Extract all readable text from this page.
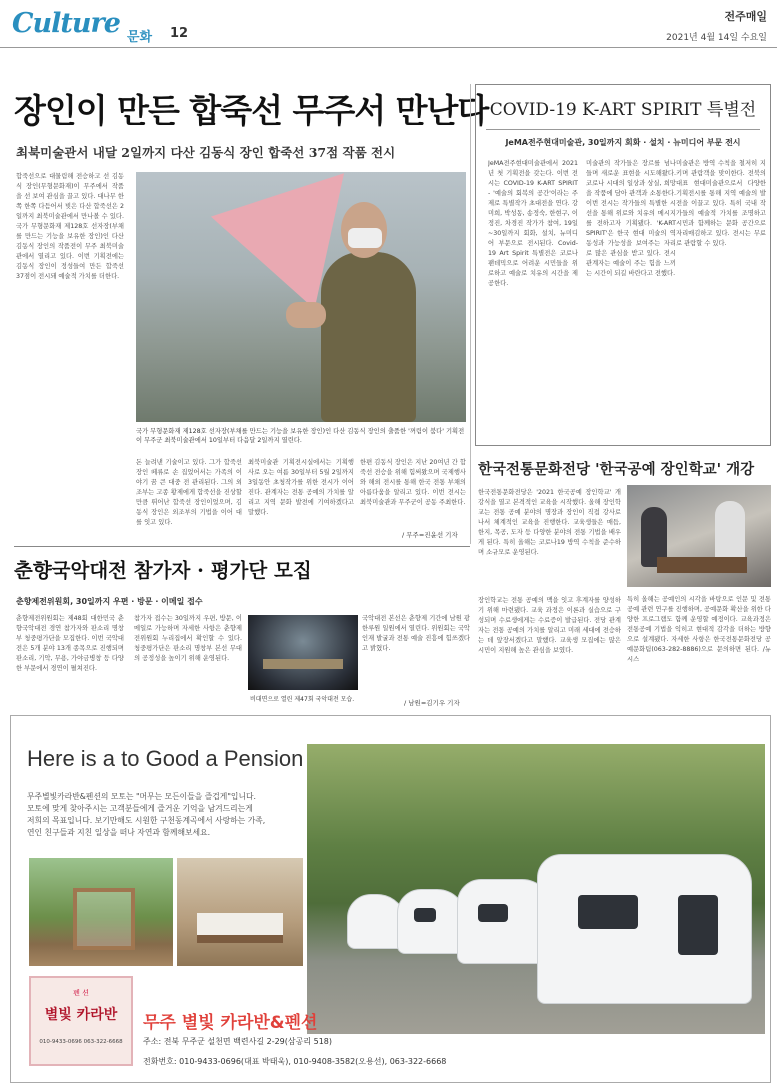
Culture 문화 12
전주매일
2021년 4월 14일 수요일
장인이 만든 합죽선 무주서 만난다
최북미술관서 내달 2일까지 다산 김동식 장인 합죽선 37점 작품 전시
합죽선으로 대물림해 전승하고 선 김동식 장인(무형문화재)이 무주에서 작품을 선 보여 관심을 끌고 있다. 대나무 한쪽 한쪽 다듬어서 빚은 다산 합죽선은 2일까지 최북미술관에서 만나볼 수 있다. 국가 무형문화재 제128호 선자장(부채를 만드는 기능을 보유한 장인)인 다산 김동식 장인의 작품전이 무주 최북미술관에서 열리고 있다. 이번 기획전에는 김동식 장인이 정성들여 만든 합죽선 37점이 전시돼 예술적 가치를 더한다.
국가 무형문화재 제128호 선자장(부채를 만드는 기능을 보유한 장인)인 다산 김동식 장인의 출품한 '꺼림이 붐다' 기획전이 무주군 최북미술관에서 10일부터 다음달 2일까지 열린다.
돈 늘려낸 기술이고 있다. 그가 합죽선 장인 떼류로 손 집었어서는 가족의 이야기 꿈 큰 대중 전 관리된다. 그의 외조부는 고종 황제에게 합죽선을 진상할 만큼 뛰어난 합죽선 장인이었으며, 김동식 장인은 외조부의 기법을 이어 대를 잇고 있다.
최북미술관 기획전시실에서는 기획행사로 오는 여름 30일부터 5월 2일까지 3일동안 초청작가를 위한 전시가 이어진다. 관계자는 전통 공예의 가치를 알리고 지역 문화 발전에 기여하겠다고 말했다.
한편 김동식 장인은 지난 20여년 간 합죽선 전승을 위해 힘써왔으며 국제행사와 해외 전시를 통해 한국 전통 부채의 아름다움을 알리고 있다. 이번 전시는 최북미술관과 무주군이 공동 주최한다.
/ 무주=진윤선 기자
COVID-19 K-ART SPIRIT 특별전
JeMA전주현대미술관, 30일까지 회화 · 설치 · 뉴미디어 부문 전시
JeMA전주현대미술관에서 2021년 첫 기획전을 갖는다. 이번 전시는 COVID-19 K-ART SPIRIT - '예술의 회복의 공간'이라는 주제로 특별작가 초대전을 연다. 강미희, 박성동, 송정숙, 한현구, 이정진, 차경진 작가가 참여, 19일~30일까지 회화, 설치, 뉴미디어 부문으로 전시된다. Covid-19 Art Spirit 특별전은 코로나 팬데믹으로 어려운 시민들을 위로하고 예술로 치유의 시간을 제공한다.
미술관의 작가들은 장르를 넘나들며 새로운 표현을 시도해왔다. 코로나 시대의 일상과 상실, 희망을 작품에 담아 관객과 소통한다. 이번 전시는 작가들의 특별한 시선을 통해 위로와 치유의 메시지를 전하고자 기획됐다. 'K-ART SPIRIT'은 한국 현대 미술의 역동성과 가능성을 보여주는 자리로 많은 관심을 받고 있다. 전시 관계자는 예술이 주는 힘을 느끼는 시간이 되길 바란다고 전했다.
미술관은 방역 수칙을 철저히 지키며 관람객을 맞이한다. 전북의 대표 현대미술관으로서 다양한 기획전시를 통해 지역 예술의 발전을 이끌고 있다. 특히 국내 작가들의 예술적 가치를 조명하고 시민과 함께하는 문화 공간으로 자리매김하고 있다. 전시는 무료로 관람할 수 있다.
한국전통문화전당 '한국공예 장인학교' 개강
한국전통문화전당은 '2021 한국공예 장인학교' 개강식을 열고 본격적인 교육을 시작했다. 올해 장인학교는 전통 공예 분야의 명장과 장인이 직접 강사로 나서 체계적인 교육을 진행한다. 교육생들은 매듭, 한지, 목공, 도자 등 다양한 분야의 전통 기법을 배우게 된다. 특히 올해는 코로나19 방역 수칙을 준수하며 소규모로 운영된다.
장인학교는 전통 공예의 맥을 잇고 후계자를 양성하기 위해 마련됐다. 교육 과정은 이론과 실습으로 구성되며 수료생에게는 수료증이 발급된다. 전당 관계자는 전통 공예의 가치를 알리고 미래 세대에 전승하는 데 앞장서겠다고 말했다. 교육생 모집에는 많은 시민이 지원해 높은 관심을 보였다.
특히 올해는 공예인의 시각을 바탕으로 인문 및 전통공예 관련 연구를 진행하며, 공예문화 확산을 위한 다양한 프로그램도 함께 운영할 예정이다. 교육과정은 전통공예 기법을 익히고 현대적 감각을 더하는 방향으로 설계됐다. 자세한 사항은 한국전통문화전당 공예문화팀(063-282-8886)으로 문의하면 된다. /뉴시스
춘향국악대전 참가자 · 평가단 모집
춘향제전위원회, 30일까지 우편 · 방문 · 이메일 접수
춘향제전위원회는 제48회 대한민국 춘향국악대전 경연 참가자와 판소리 명창부 청중평가단을 모집한다. 이번 국악대전은 5개 분야 13개 종목으로 진행되며 판소리, 기악, 무용, 가야금병창 등 다양한 부문에서 경연이 펼쳐진다.
참가자 접수는 30일까지 우편, 방문, 이메일로 가능하며 자세한 사항은 춘향제전위원회 누리집에서 확인할 수 있다. 청중평가단은 판소리 명창부 본선 무대의 공정성을 높이기 위해 운영된다.
비대면으로 열린 제47회 국악대전 모습.
국악대전 본선은 춘향제 기간에 남원 광한루원 일원에서 열린다. 위원회는 국악 인재 발굴과 전통 예술 진흥에 힘쓰겠다고 밝혔다.
/ 남원=김기우 기자
Here is a to Good a Pension

무주별빛카라반&펜션의 모토는 "머무는 모든이들을 즐겁게"입니다.

모토에 맞게 찾아주시는 고객분들에게 즐거운 기억을 남겨드리는게

저희의 목표입니다. 보기만해도 시원한 구천동계곡에서 사랑하는 가족,

연인 친구들과 지친 일상을 떠나 자연과 함께해보세요.

펜 션
별빛 카라반
010-9433-0696 063-322-6668
무주 별빛 카라반&펜션
주소: 전북 무주군 설천면 백련사길 2-29(삼공리 518)
전화번호: 010-9433-0696(대표 박태욱), 010-9408-3582(오용선), 063-322-6668
